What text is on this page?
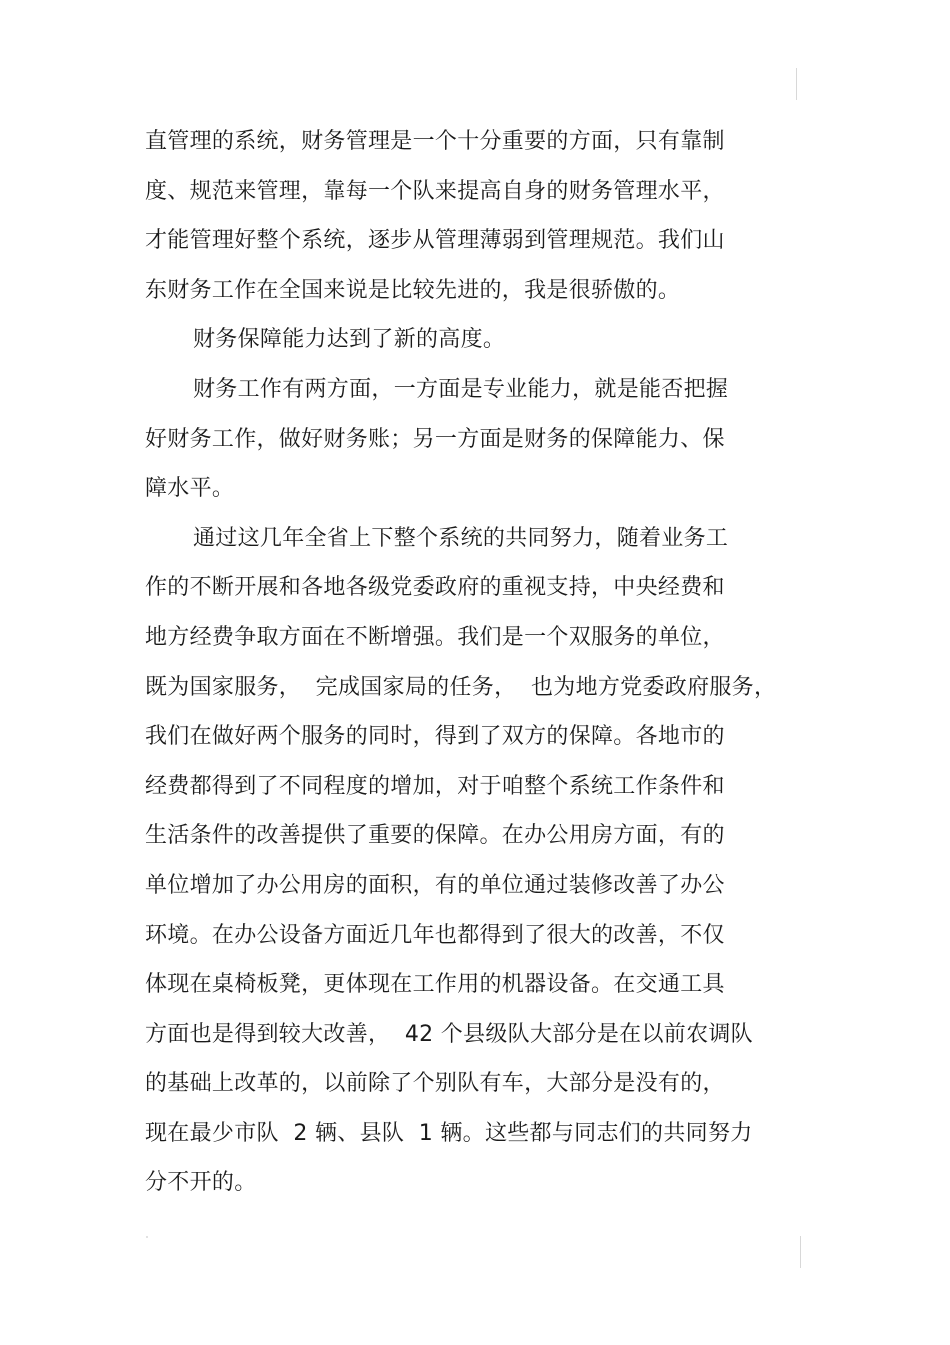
直管理的系统，财务管理是一个十分重要的方面，只有靠制
度、规范来管理，靠每一个队来提高自身的财务管理水平，
才能管理好整个系统，逐步从管理薄弱到管理规范。我们山
东财务工作在全国来说是比较先进的，我是很骄傲的。
财务保障能力达到了新的高度。
财务工作有两方面，一方面是专业能力，就是能否把握
好财务工作，做好财务账；另一方面是财务的保障能力、保
障水平。
通过这几年全省上下整个系统的共同努力，随着业务工
作的不断开展和各地各级党委政府的重视支持，中央经费和
地方经费争取方面在不断增强。我们是一个双服务的单位，
既为国家服务，  完成国家局的任务，  也为地方党委政府服务，
我们在做好两个服务的同时，得到了双方的保障。各地市的
经费都得到了不同程度的增加，对于咱整个系统工作条件和
生活条件的改善提供了重要的保障。在办公用房方面，有的
单位增加了办公用房的面积，有的单位通过装修改善了办公
环境。在办公设备方面近几年也都得到了很大的改善，不仅
体现在桌椅板凳，更体现在工作用的机器设备。在交通工具
方面也是得到较大改善，  42 个县级队大部分是在以前农调队
的基础上改革的，以前除了个别队有车，大部分是没有的，
现在最少市队  2 辆、县队  1 辆。这些都与同志们的共同努力
分不开的。
